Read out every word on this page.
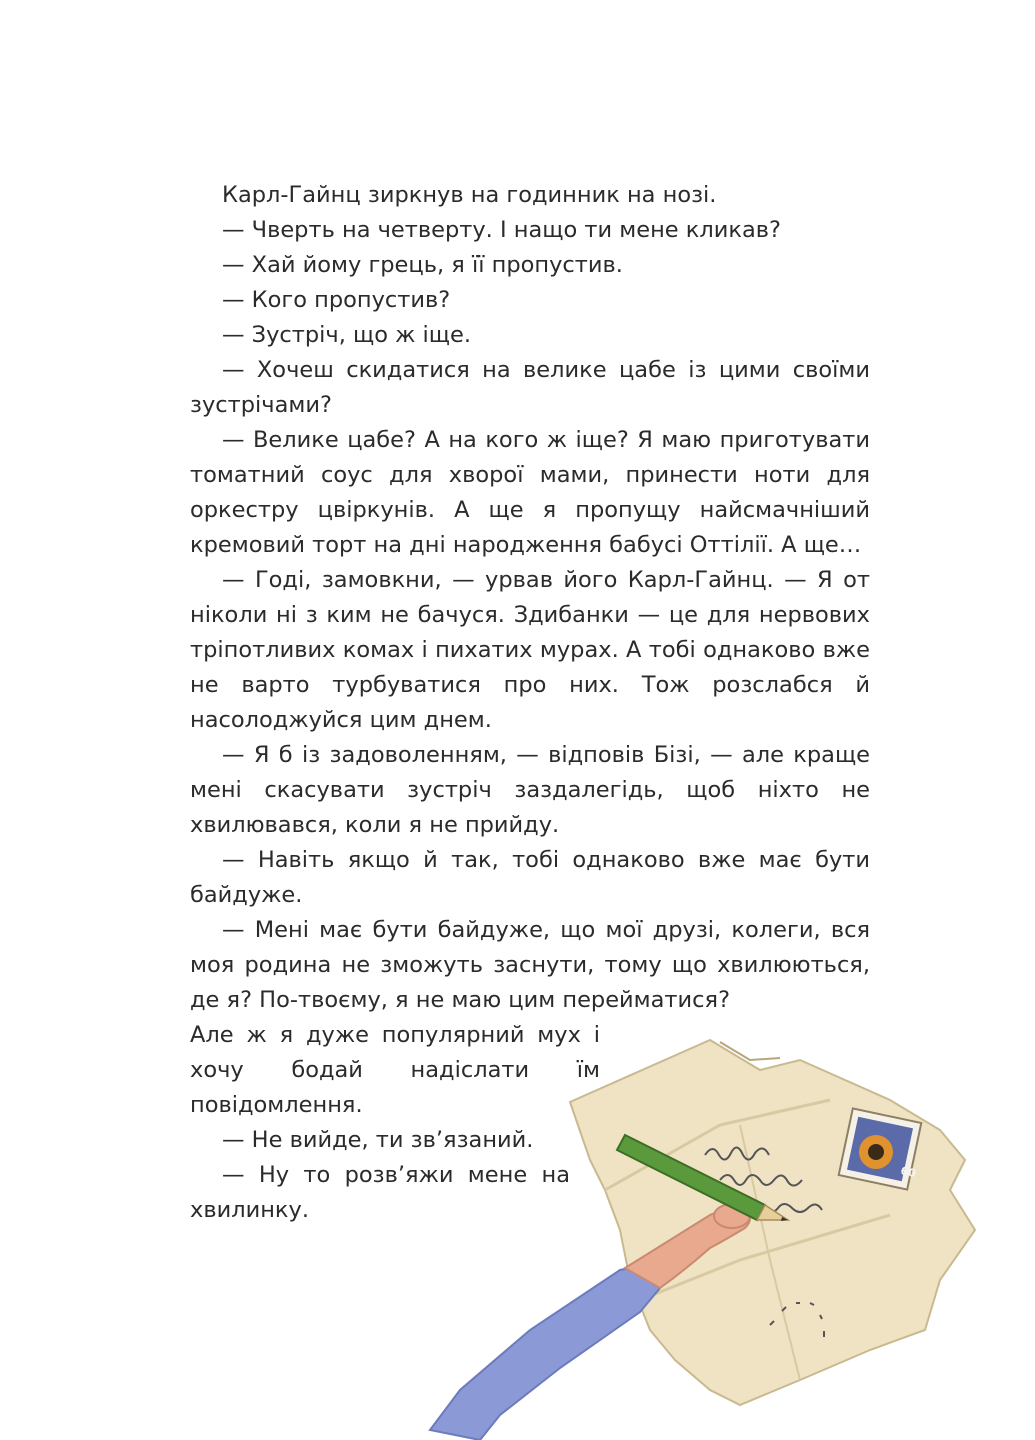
Карл-Гайнц зиркнув на годинник на нозі.

— Чверть на четверту. І нащо ти мене кликав?

— Хай йому грець, я її пропустив.

— Кого пропустив?

— Зустріч, що ж іще.

— Хочеш скидатися на велике цабе із цими своїми зустрічами?

— Велике цабе? А на кого ж іще? Я маю приготувати томатний соус для хворої мами, принести ноти для оркестру цвіркунів. А ще я пропущу найсмачніший кремовий торт на дні народження бабусі Оттілії. А ще…

— Годі, замовкни, — урвав його Карл-Гайнц. — Я от ніколи ні з ким не бачуся. Здибанки — це для нервових тріпотливих комах і пихатих мурах. А тобі однаково вже не варто турбуватися про них. Тож розслабся й насолоджуйся цим днем.

— Я б із задоволенням, — відповів Бізі, — але краще мені скасувати зустріч заздалегідь, щоб ніхто не хвилювався, коли я не прийду.

— Навіть якщо й так, тобі однаково вже має бути байдуже.

— Мені має бути байдуже, що мої друзі, колеги, вся моя родина не зможуть заснути, тому що хвилюються, де я? По-твоєму, я не маю цим перейматися?

Але ж я дуже популярний мух і хочу бодай надіслати їм повідомлення.

— Не вийде, ти зв’язаний.

— Ну то розв’яжи мене на хвилинку.

60
